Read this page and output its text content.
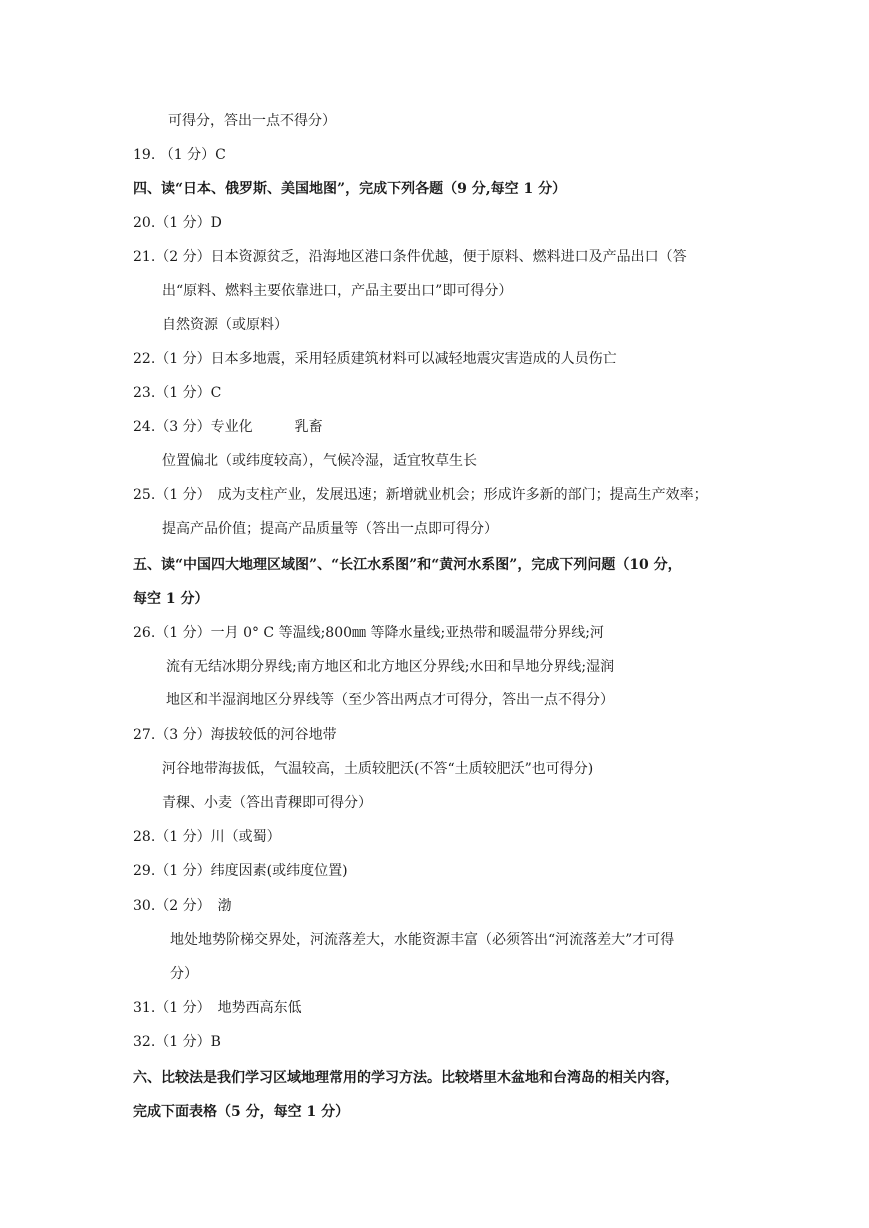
可得分，答出一点不得分）
19. （1 分）C
四、读“日本、俄罗斯、美国地图”，完成下列各题（9 分,每空 1 分）
20.（1 分）D
21.（2 分）日本资源贫乏，沿海地区港口条件优越，便于原料、燃料进口及产品出口（答
出“原料、燃料主要依靠进口，产品主要出口”即可得分）
自然资源（或原料）
22.（1 分）日本多地震，采用轻质建筑材料可以减轻地震灾害造成的人员伤亡
23.（1 分）C
24.（3 分）专业化　　　乳畜
位置偏北（或纬度较高），气候冷湿，适宜牧草生长
25.（1 分）　成为支柱产业，发展迅速；新增就业机会；形成许多新的部门；提高生产效率；
提高产品价值；提高产品质量等（答出一点即可得分）
五、读“中国四大地理区域图”、“长江水系图”和“黄河水系图”，完成下列问题（10 分，
每空 1 分）
26.（1 分）一月 0° C 等温线;800㎜ 等降水量线;亚热带和暖温带分界线;河
流有无结冰期分界线;南方地区和北方地区分界线;水田和旱地分界线;湿润
地区和半湿润地区分界线等（至少答出两点才可得分，答出一点不得分）
27.（3 分）海拔较低的河谷地带
河谷地带海拔低，气温较高，土质较肥沃(不答“土质较肥沃”也可得分)
青稞、小麦（答出青稞即可得分）
28.（1 分）川（或蜀）
29.（1 分）纬度因素(或纬度位置)
30.（2 分）　渤
地处地势阶梯交界处，河流落差大，水能资源丰富（必须答出“河流落差大”才可得
分）
31.（1 分）　地势西高东低
32.（1 分）B
六、比较法是我们学习区域地理常用的学习方法。比较塔里木盆地和台湾岛的相关内容，
完成下面表格（5 分，每空 1 分）
